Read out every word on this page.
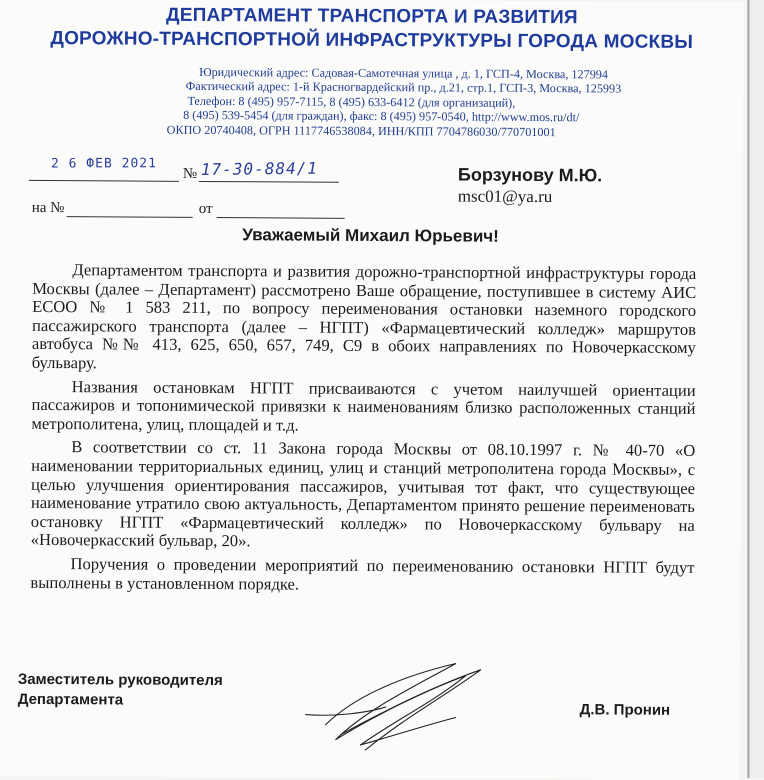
ДЕПАРТАМЕНТ ТРАНСПОРТА И РАЗВИТИЯ
ДОРОЖНО-ТРАНСПОРТНОЙ ИНФРАСТРУКТУРЫ ГОРОДА МОСКВЫ
Юридический адрес: Садовая-Самотечная улица , д. 1, ГСП-4, Москва, 127994
Фактический адрес: 1-й Красногвардейский пр., д.21, стр.1, ГСП-3, Москва, 125993
Телефон: 8 (495) 957-7115, 8 (495) 633-6412 (для организаций),
8 (495) 539-5454 (для граждан), факс: 8 (495) 957-0540, http://www.mos.ru/dt/
ОКПО 20740408, ОГРН 1117746538084, ИНН/КПП 7704786030/770701001
2 6 ФЕВ 2021
№ 17-30-884/1
на №	от
Борзунову М.Ю.
msc01@ya.ru
Уважаемый Михаил Юрьевич!

Департаментом транспорта и развития дорожно-транспортной инфраструктуры города Москвы (далее – Департамент) рассмотрено Ваше обращение, поступившее в систему АИС ЕСОО № 1 583 211, по вопросу переименования остановки наземного городского пассажирского транспорта (далее – НГПТ) «Фармацевтический колледж» маршрутов автобуса №№ 413, 625, 650, 657, 749, С9 в обоих направлениях по Новочеркасскому бульвару.

Названия остановкам НГПТ присваиваются с учетом наилучшей ориентации пассажиров и топонимической привязки к наименованиям близко расположенных станций метрополитена, улиц, площадей и т.д.

В соответствии со ст. 11 Закона города Москвы от 08.10.1997 г. № 40-70 «О наименовании территориальных единиц, улиц и станций метрополитена города Москвы», с целью улучшения ориентирования пассажиров, учитывая тот факт, что существующее наименование утратило свою актуальность, Департаментом принято решение переименовать остановку НГПТ «Фармацевтический колледж» по Новочеркасскому бульвару на «Новочеркасский бульвар, 20».

Поручения о проведении мероприятий по переименованию остановки НГПТ будут выполнены в установленном порядке.

Заместитель руководителя
Департамента
Д.В. Пронин
